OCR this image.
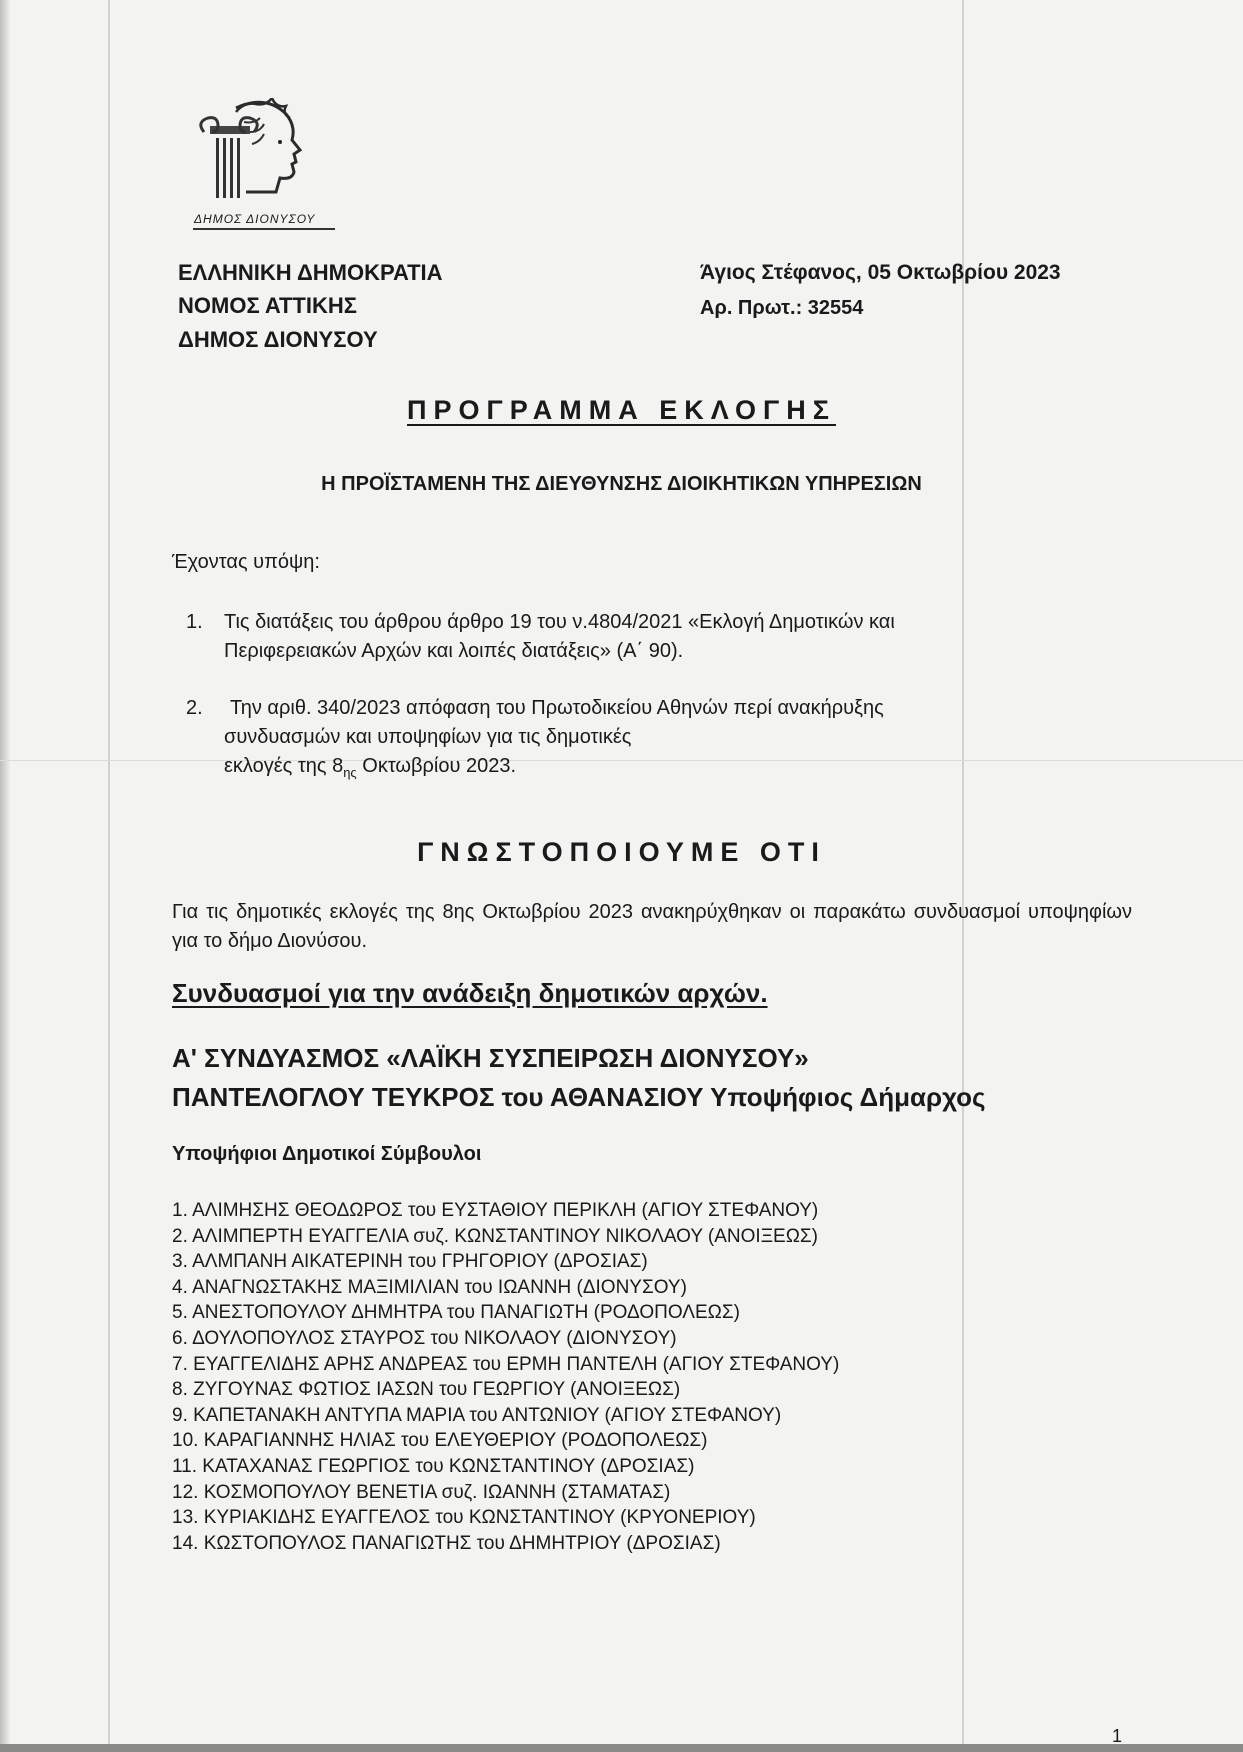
ΔΗΜΟΣ ΔΙΟΝΥΣΟΥ
ΕΛΛΗΝΙΚΗ ΔΗΜΟΚΡΑΤΙΑ
ΝΟΜΟΣ ΑΤΤΙΚΗΣ
ΔΗΜΟΣ ΔΙΟΝΥΣΟΥ
Άγιος Στέφανος, 05 Οκτωβρίου 2023
Αρ. Πρωτ.: 32554
ΠΡΟΓΡΑΜΜΑ ΕΚΛΟΓΗΣ
Η ΠΡΟΪΣΤΑΜΕΝΗ ΤΗΣ ΔΙΕΥΘΥΝΣΗΣ ΔΙΟΙΚΗΤΙΚΩΝ ΥΠΗΡΕΣΙΩΝ
Έχοντας υπόψη:
1. Τις διατάξεις του άρθρου άρθρο 19 του ν.4804/2021 «Εκλογή Δημοτικών και
Περιφερειακών Αρχών και λοιπές διατάξεις» (Α΄ 90).
2.	Την αριθ. 340/2023 απόφαση του Πρωτοδικείου Αθηνών περί ανακήρυξης
συνδυασμών και υποψηφίων για τις δημοτικές
εκλογές της $8_{\eta\varsigma}$ Οκτωβρίου 2023.
ΓΝΩΣΤΟΠΟΙΟΥΜΕ ΟΤΙ
Για τις δημοτικές εκλογές της 8ης Οκτωβρίου 2023 ανακηρύχθηκαν οι παρακάτω συνδυασμοί υποψηφίων για το δήμο Διονύσου.
Συνδυασμοί για την ανάδειξη δημοτικών αρχών.
Α' ΣΥΝΔΥΑΣΜΟΣ «ΛΑΪΚΗ ΣΥΣΠΕΙΡΩΣΗ ΔΙΟΝΥΣΟΥ»
ΠΑΝΤΕΛΟΓΛΟΥ ΤΕΥΚΡΟΣ του ΑΘΑΝΑΣΙΟΥ Υποψήφιος Δήμαρχος
Υποψήφιοι Δημοτικοί Σύμβουλοι
1. ΑΛΙΜΗΣΗΣ ΘΕΟΔΩΡΟΣ του ΕΥΣΤΑΘΙΟΥ ΠΕΡΙΚΛΗ (ΑΓΙΟΥ ΣΤΕΦΑΝΟΥ)
2. ΑΛΙΜΠΕΡΤΗ ΕΥΑΓΓΕΛΙΑ συζ. ΚΩΝΣΤΑΝΤΙΝΟΥ ΝΙΚΟΛΑΟΥ (ΑΝΟΙΞΕΩΣ)
3. ΑΛΜΠΑΝΗ ΑΙΚΑΤΕΡΙΝΗ του ΓΡΗΓΟΡΙΟΥ (ΔΡΟΣΙΑΣ)
4. ΑΝΑΓΝΩΣΤΑΚΗΣ ΜΑΞΙΜΙΛΙΑΝ του ΙΩΑΝΝΗ (ΔΙΟΝΥΣΟΥ)
5. ΑΝΕΣΤΟΠΟΥΛΟΥ ΔΗΜΗΤΡΑ του ΠΑΝΑΓΙΩΤΗ (ΡΟΔΟΠΟΛΕΩΣ)
6. ΔΟΥΛΟΠΟΥΛΟΣ ΣΤΑΥΡΟΣ του ΝΙΚΟΛΑΟΥ (ΔΙΟΝΥΣΟΥ)
7. ΕΥΑΓΓΕΛΙΔΗΣ ΑΡΗΣ ΑΝΔΡΕΑΣ του ΕΡΜΗ ΠΑΝΤΕΛΗ (ΑΓΙΟΥ ΣΤΕΦΑΝΟΥ)
8. ΖΥΓΟΥΝΑΣ ΦΩΤΙΟΣ ΙΑΣΩΝ του ΓΕΩΡΓΙΟΥ (ΑΝΟΙΞΕΩΣ)
9. ΚΑΠΕΤΑΝΑΚΗ ΑΝΤΥΠΑ ΜΑΡΙΑ του ΑΝΤΩΝΙΟΥ (ΑΓΙΟΥ ΣΤΕΦΑΝΟΥ)
10. ΚΑΡΑΓΙΑΝΝΗΣ ΗΛΙΑΣ του ΕΛΕΥΘΕΡΙΟΥ (ΡΟΔΟΠΟΛΕΩΣ)
11. ΚΑΤΑΧΑΝΑΣ ΓΕΩΡΓΙΟΣ του ΚΩΝΣΤΑΝΤΙΝΟΥ (ΔΡΟΣΙΑΣ)
12. ΚΟΣΜΟΠΟΥΛΟΥ ΒΕΝΕΤΙΑ συζ. ΙΩΑΝΝΗ (ΣΤΑΜΑΤΑΣ)
13. ΚΥΡΙΑΚΙΔΗΣ ΕΥΑΓΓΕΛΟΣ του ΚΩΝΣΤΑΝΤΙΝΟΥ (ΚΡΥΟΝΕΡΙΟΥ)
14. ΚΩΣΤΟΠΟΥΛΟΣ ΠΑΝΑΓΙΩΤΗΣ του ΔΗΜΗΤΡΙΟΥ (ΔΡΟΣΙΑΣ)
1
